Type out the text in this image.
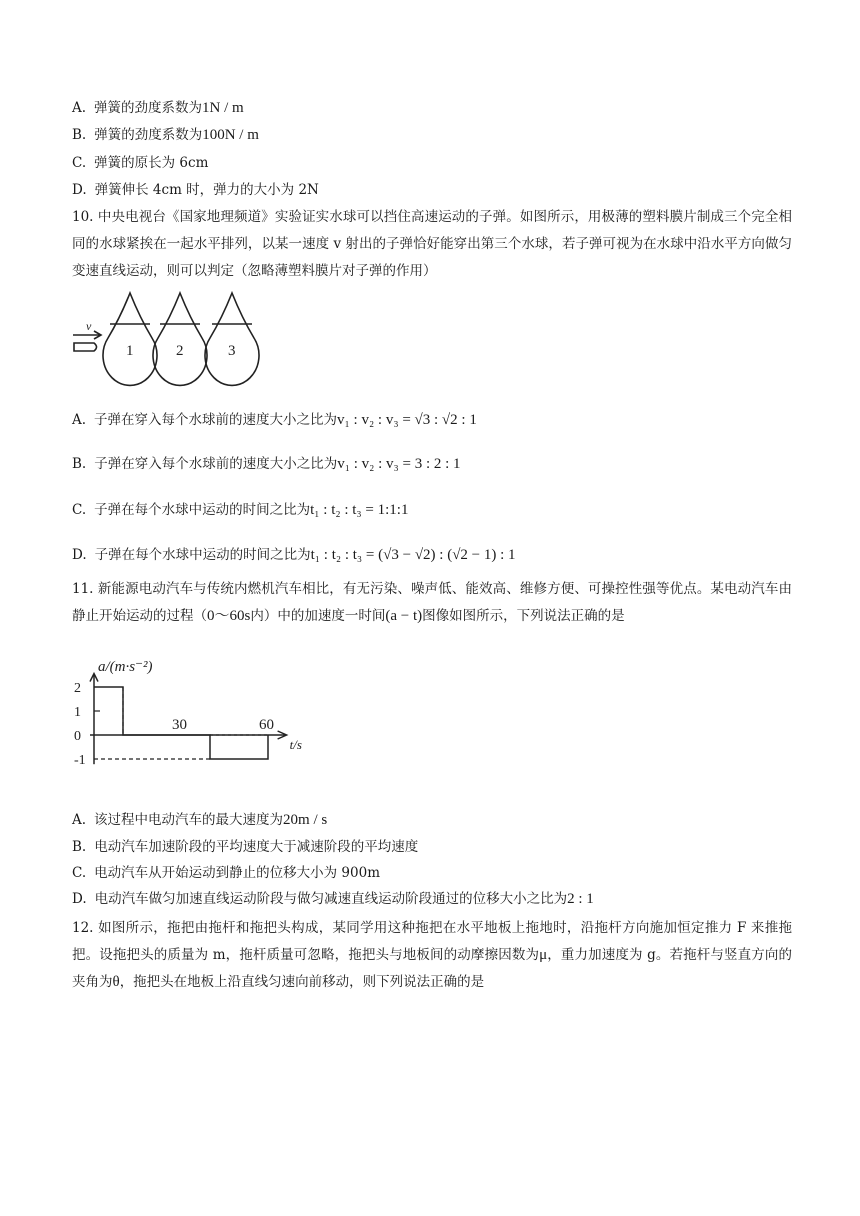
A. 弹簧的劲度系数为1N / m
B. 弹簧的劲度系数为100N / m
C. 弹簧的原长为 6cm
D. 弹簧伸长 4cm 时，弹力的大小为 2N
10. 中央电视台《国家地理频道》实验证实水球可以挡住高速运动的子弹。如图所示，用极薄的塑料膜片制成三个完全相同的水球紧挨在一起水平排列，以某一速度 v 射出的子弹恰好能穿出第三个水球，若子弹可视为在水球中沿水平方向做匀变速直线运动，则可以判定（忽略薄塑料膜片对子弹的作用）
v
1	2	3
A. 子弹在穿入每个水球前的速度大小之比为v₁ : v₂ : v₃ = √3 : √2 : 1
B. 子弹在穿入每个水球前的速度大小之比为v₁ : v₂ : v₃ = 3 : 2 : 1
C. 子弹在每个水球中运动的时间之比为t₁ : t₂ : t₃ = 1:1:1
D. 子弹在每个水球中运动的时间之比为t₁ : t₂ : t₃ = (√3 − √2) : (√2 − 1) : 1
11. 新能源电动汽车与传统内燃机汽车相比，有无污染、噪声低、能效高、维修方便、可操控性强等优点。某电动汽车由静止开始运动的过程（0～60s内）中的加速度一时间(a − t)图像如图所示，下列说法正确的是
2
1
0
-1
30	60
a/(m·s⁻²)
t/s
A. 该过程中电动汽车的最大速度为20m / s
B. 电动汽车加速阶段的平均速度大于减速阶段的平均速度
C. 电动汽车从开始运动到静止的位移大小为 900m
D. 电动汽车做匀加速直线运动阶段与做匀减速直线运动阶段通过的位移大小之比为2 : 1
12. 如图所示，拖把由拖杆和拖把头构成，某同学用这种拖把在水平地板上拖地时，沿拖杆方向施加恒定推力 F 来推拖把。设拖把头的质量为 m，拖杆质量可忽略，拖把头与地板间的动摩擦因数为μ，重力加速度为 g。若拖杆与竖直方向的夹角为θ，拖把头在地板上沿直线匀速向前移动，则下列说法正确的是
